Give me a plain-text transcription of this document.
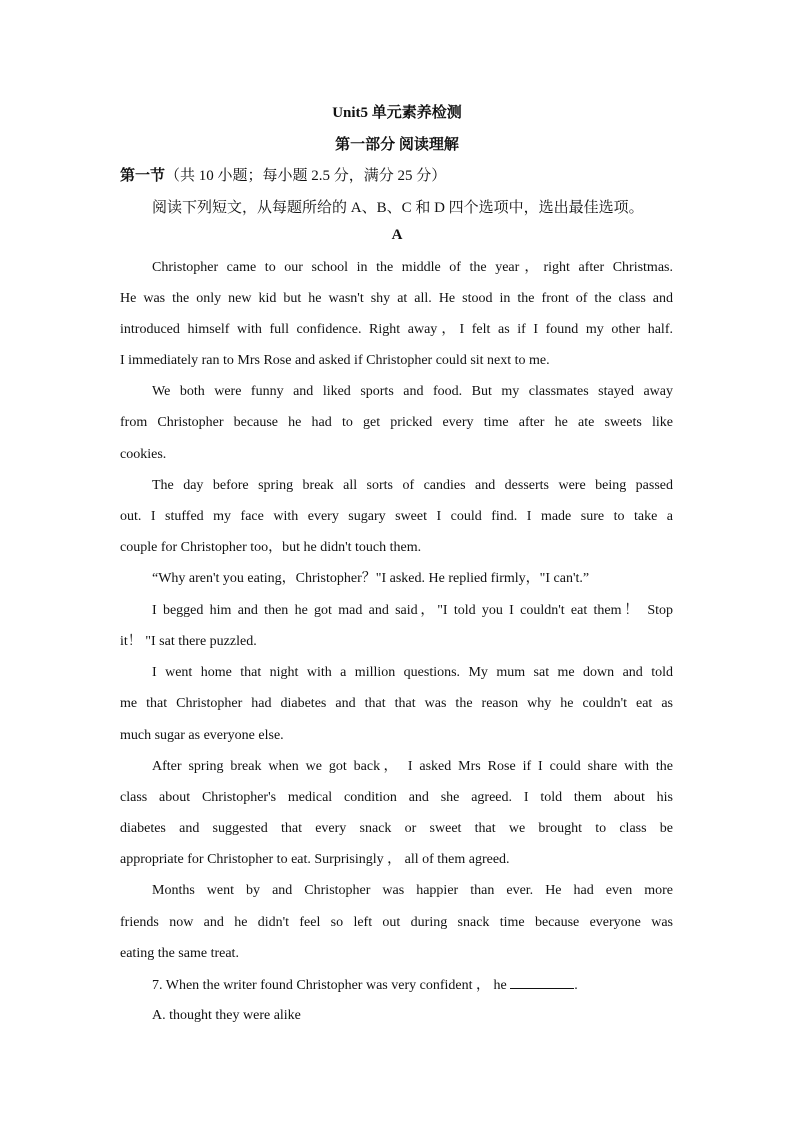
Unit5 单元素养检测
第一部分 阅读理解
第一节（共 10 小题；每小题 2.5 分，满分 25 分）
阅读下列短文，从每题所给的 A、B、C 和 D 四个选项中，选出最佳选项。
A
Christopher came to our school in the middle of the year，right after Christmas.
He was the only new kid but he wasn't shy at all. He stood in the front of the class and
introduced himself with full confidence. Right away，I felt as if I found my other half.
I immediately ran to Mrs Rose and asked if Christopher could sit next to me.
We both were funny and liked sports and food. But my classmates stayed away
from Christopher because he had to get pricked every time after he ate sweets like
cookies.
The day before spring break all sorts of candies and desserts were being passed
out. I stuffed my face with every sugary sweet I could find. I made sure to take a
couple for Christopher too，but he didn't touch them.
“Why aren't you eating，Christopher？"I asked. He replied firmly，"I can't.”
I begged him and then he got mad and said，"I told you I couldn't eat them！ Stop
it！ "I sat there puzzled.
I went home that night with a million questions. My mum sat me down and told
me that Christopher had diabetes and that that was the reason why he couldn't eat as
much sugar as everyone else.
After spring break when we got back， I asked Mrs Rose if I could share with the
class about Christopher's medical condition and she agreed. I told them about his
diabetes and suggested that every snack or sweet that we brought to class be
appropriate for Christopher to eat. Surprisingly ， all of them agreed.
Months went by and Christopher was happier than ever. He had even more
friends now and he didn't feel so left out during snack time because everyone was
eating the same treat.
7. When the writer found Christopher was very confident ， he	.
A. thought they were alike
